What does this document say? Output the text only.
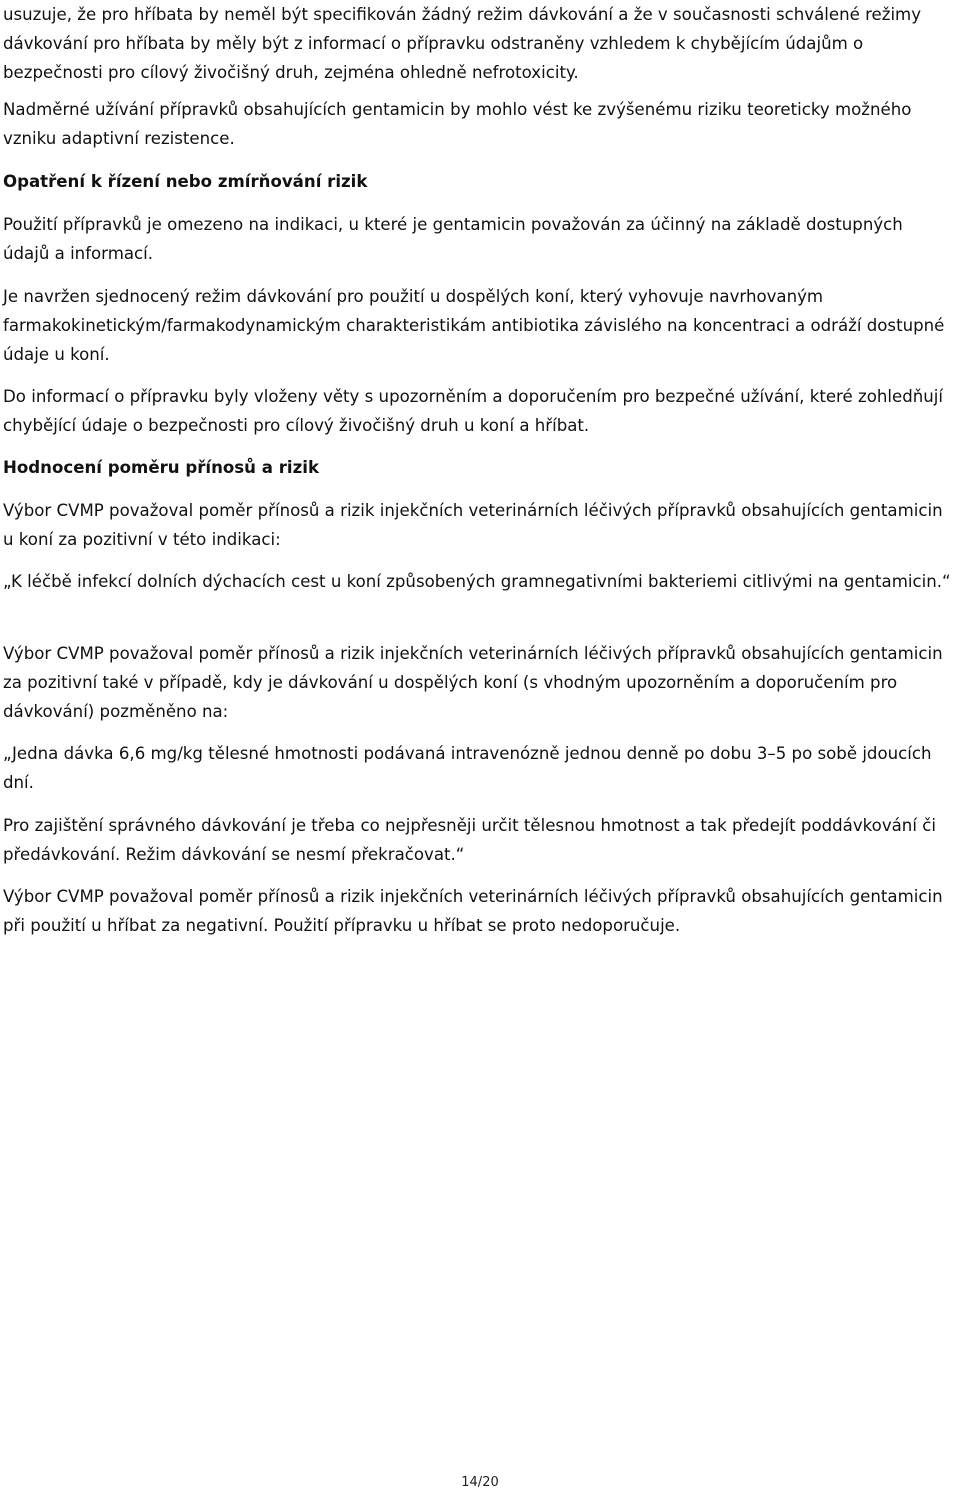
usuzuje, že pro hříbata by neměl být specifikován žádný režim dávkování a že v současnosti schválené režimy dávkování pro hříbata by měly být z informací o přípravku odstraněny vzhledem k chybějícím údajům o bezpečnosti pro cílový živočišný druh, zejména ohledně nefrotoxicity.

Nadměrné užívání přípravků obsahujících gentamicin by mohlo vést ke zvýšenému riziku teoreticky možného vzniku adaptivní rezistence.

Opatření k řízení nebo zmírňování rizik

Použití přípravků je omezeno na indikaci, u které je gentamicin považován za účinný na základě dostupných údajů a informací.

Je navržen sjednocený režim dávkování pro použití u dospělých koní, který vyhovuje navrhovaným farmakokinetickým/farmakodynamickým charakteristikám antibiotika závislého na koncentraci a odráží dostupné údaje u koní.

Do informací o přípravku byly vloženy věty s upozorněním a doporučením pro bezpečné užívání, které zohledňují chybějící údaje o bezpečnosti pro cílový živočišný druh u koní a hříbat.

Hodnocení poměru přínosů a rizik

Výbor CVMP považoval poměr přínosů a rizik injekčních veterinárních léčivých přípravků obsahujících gentamicin u koní za pozitivní v této indikaci:

„K léčbě infekcí dolních dýchacích cest u koní způsobených gramnegativními bakteriemi citlivými na gentamicin.“

Výbor CVMP považoval poměr přínosů a rizik injekčních veterinárních léčivých přípravků obsahujících gentamicin za pozitivní také v případě, kdy je dávkování u dospělých koní (s vhodným upozorněním a doporučením pro dávkování) pozměněno na:

„Jedna dávka 6,6 mg/kg tělesné hmotnosti podávaná intravenózně jednou denně po dobu 3–5 po sobě jdoucích dní.

Pro zajištění správného dávkování je třeba co nejpřesněji určit tělesnou hmotnost a tak předejít poddávkování či předávkování. Režim dávkování se nesmí překračovat.“

Výbor CVMP považoval poměr přínosů a rizik injekčních veterinárních léčivých přípravků obsahujících gentamicin při použití u hříbat za negativní. Použití přípravku u hříbat se proto nedoporučuje.

14/20
